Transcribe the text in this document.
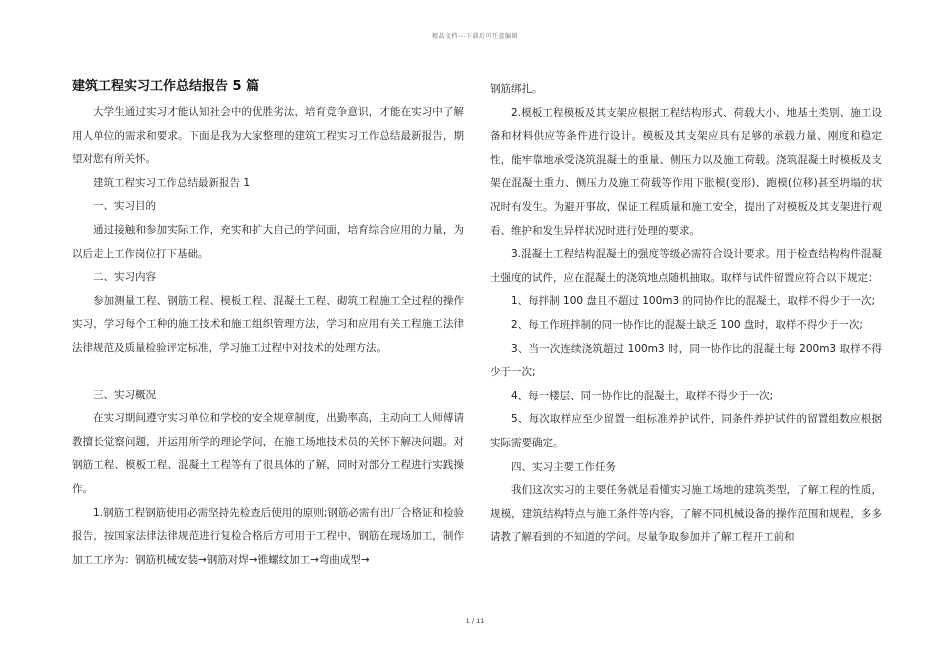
精品文档---下载后可任意编辑
建筑工程实习工作总结报告 5 篇

大学生通过实习才能认知社会中的优胜劣汰，培育竞争意识，才能在实习中了解用人单位的需求和要求。下面是我为大家整理的建筑工程实习工作总结最新报告，期望对您有所关怀。

建筑工程实习工作总结最新报告 1

一、实习目的

通过接触和参加实际工作，充实和扩大自己的学问面，培育综合应用的力量，为以后走上工作岗位打下基础。

二、实习内容

参加测量工程、钢筋工程、模板工程、混凝土工程、砌筑工程施工全过程的操作实习，学习每个工种的施工技术和施工组织管理方法，学习和应用有关工程施工法律法律规范及质量检验评定标准，学习施工过程中对技术的处理方法。

三、实习概况

在实习期间遵守实习单位和学校的安全规章制度，出勤率高，主动向工人师傅请教擅长觉察问题，并运用所学的理论学问，在施工场地技术员的关怀下解决问题。对钢筋工程、模板工程、混凝土工程等有了很具体的了解，同时对部分工程进行实践操作。

1.钢筋工程钢筋使用必需坚持先检查后使用的原则;钢筋必需有出厂合格证和检验报告，按国家法律法律规范进行复检合格后方可用于工程中，钢筋在现场加工，制作加工工序为：钢筋机械安装→钢筋对焊→锥螺纹加工→弯曲成型→

钢筋绑扎。

2.模板工程模板及其支架应根据工程结构形式、荷载大小、地基土类别、施工设备和材料供应等条件进行设计。模板及其支架应具有足够的承载力量、刚度和稳定性，能牢靠地承受浇筑混凝土的重量、侧压力以及施工荷载。浇筑混凝土时模板及支架在混凝土重力、侧压力及施工荷载等作用下胀模(变形)、跑模(位移)甚至坍塌的状况时有发生。为避开事故，保证工程质量和施工安全，提出了对模板及其支架进行观看、维护和发生异样状况时进行处理的要求。

3.混凝土工程结构混凝土的强度等级必需符合设计要求。用于检查结构构件混凝土强度的试件，应在混凝土的浇筑地点随机抽取。取样与试件留置应符合以下规定：

1、每拌制 100 盘且不超过 100m3 的同协作比的混凝土，取样不得少于一次;

2、每工作班拌制的同一协作比的混凝土缺乏 100 盘时，取样不得少于一次;

3、当一次连续浇筑超过 100m3 时，同一协作比的混凝土每 200m3 取样不得少于一次;

4、每一楼层、同一协作比的混凝土，取样不得少于一次;

5、每次取样应至少留置一组标准养护试件，同条件养护试件的留置组数应根据实际需要确定。

四、实习主要工作任务

我们这次实习的主要任务就是看懂实习施工场地的建筑类型，了解工程的性质，规模，建筑结构特点与施工条件等内容，了解不同机械设备的操作范围和规程，多多请教了解看到的不知道的学问。尽量争取参加并了解工程开工前和

1 / 11
